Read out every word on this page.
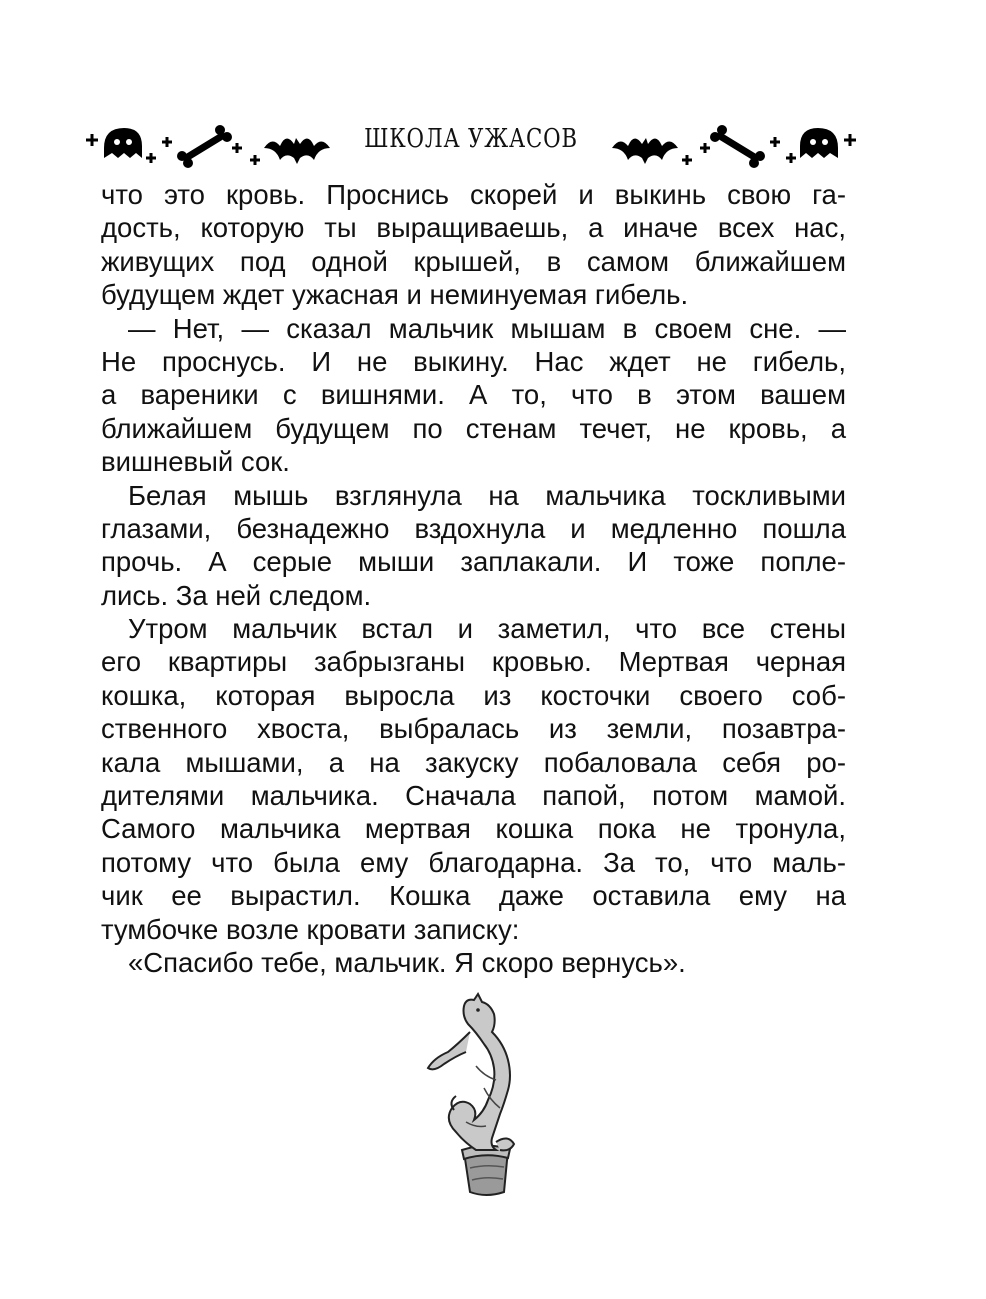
ШКОЛА УЖАСОВ
что это кровь. Проснись скорей и выкинь свою га-
дость, которую ты выращиваешь, а иначе всех нас,
живущих под одной крышей, в самом ближайшем
будущем ждет ужасная и неминуемая гибель.
— Нет, — сказал мальчик мышам в своем сне. —
Не проснусь. И не выкину. Нас ждет не гибель,
а вареники с вишнями. А то, что в этом вашем
ближайшем будущем по стенам течет, не кровь, а
вишневый сок.
Белая мышь взглянула на мальчика тоскливыми
глазами, безнадежно вздохнула и медленно пошла
прочь. А серые мыши заплакали. И тоже поплe-
лись. За ней следом.
Утром мальчик встал и заметил, что все стены
его квартиры забрызганы кровью. Мертвая черная
кошка, которая выросла из косточки своего соб-
ственного хвоста, выбралась из земли, позавтра-
кала мышами, а на закуску побаловала себя ро-
дителями мальчика. Сначала папой, потом мамой.
Самого мальчика мертвая кошка пока не тронула,
потому что была ему благодарна. За то, что маль-
чик ее вырастил. Кошка даже оставила ему на
тумбочке возле кровати записку:
«Спасибо тебе, мальчик. Я скоро вернусь».
